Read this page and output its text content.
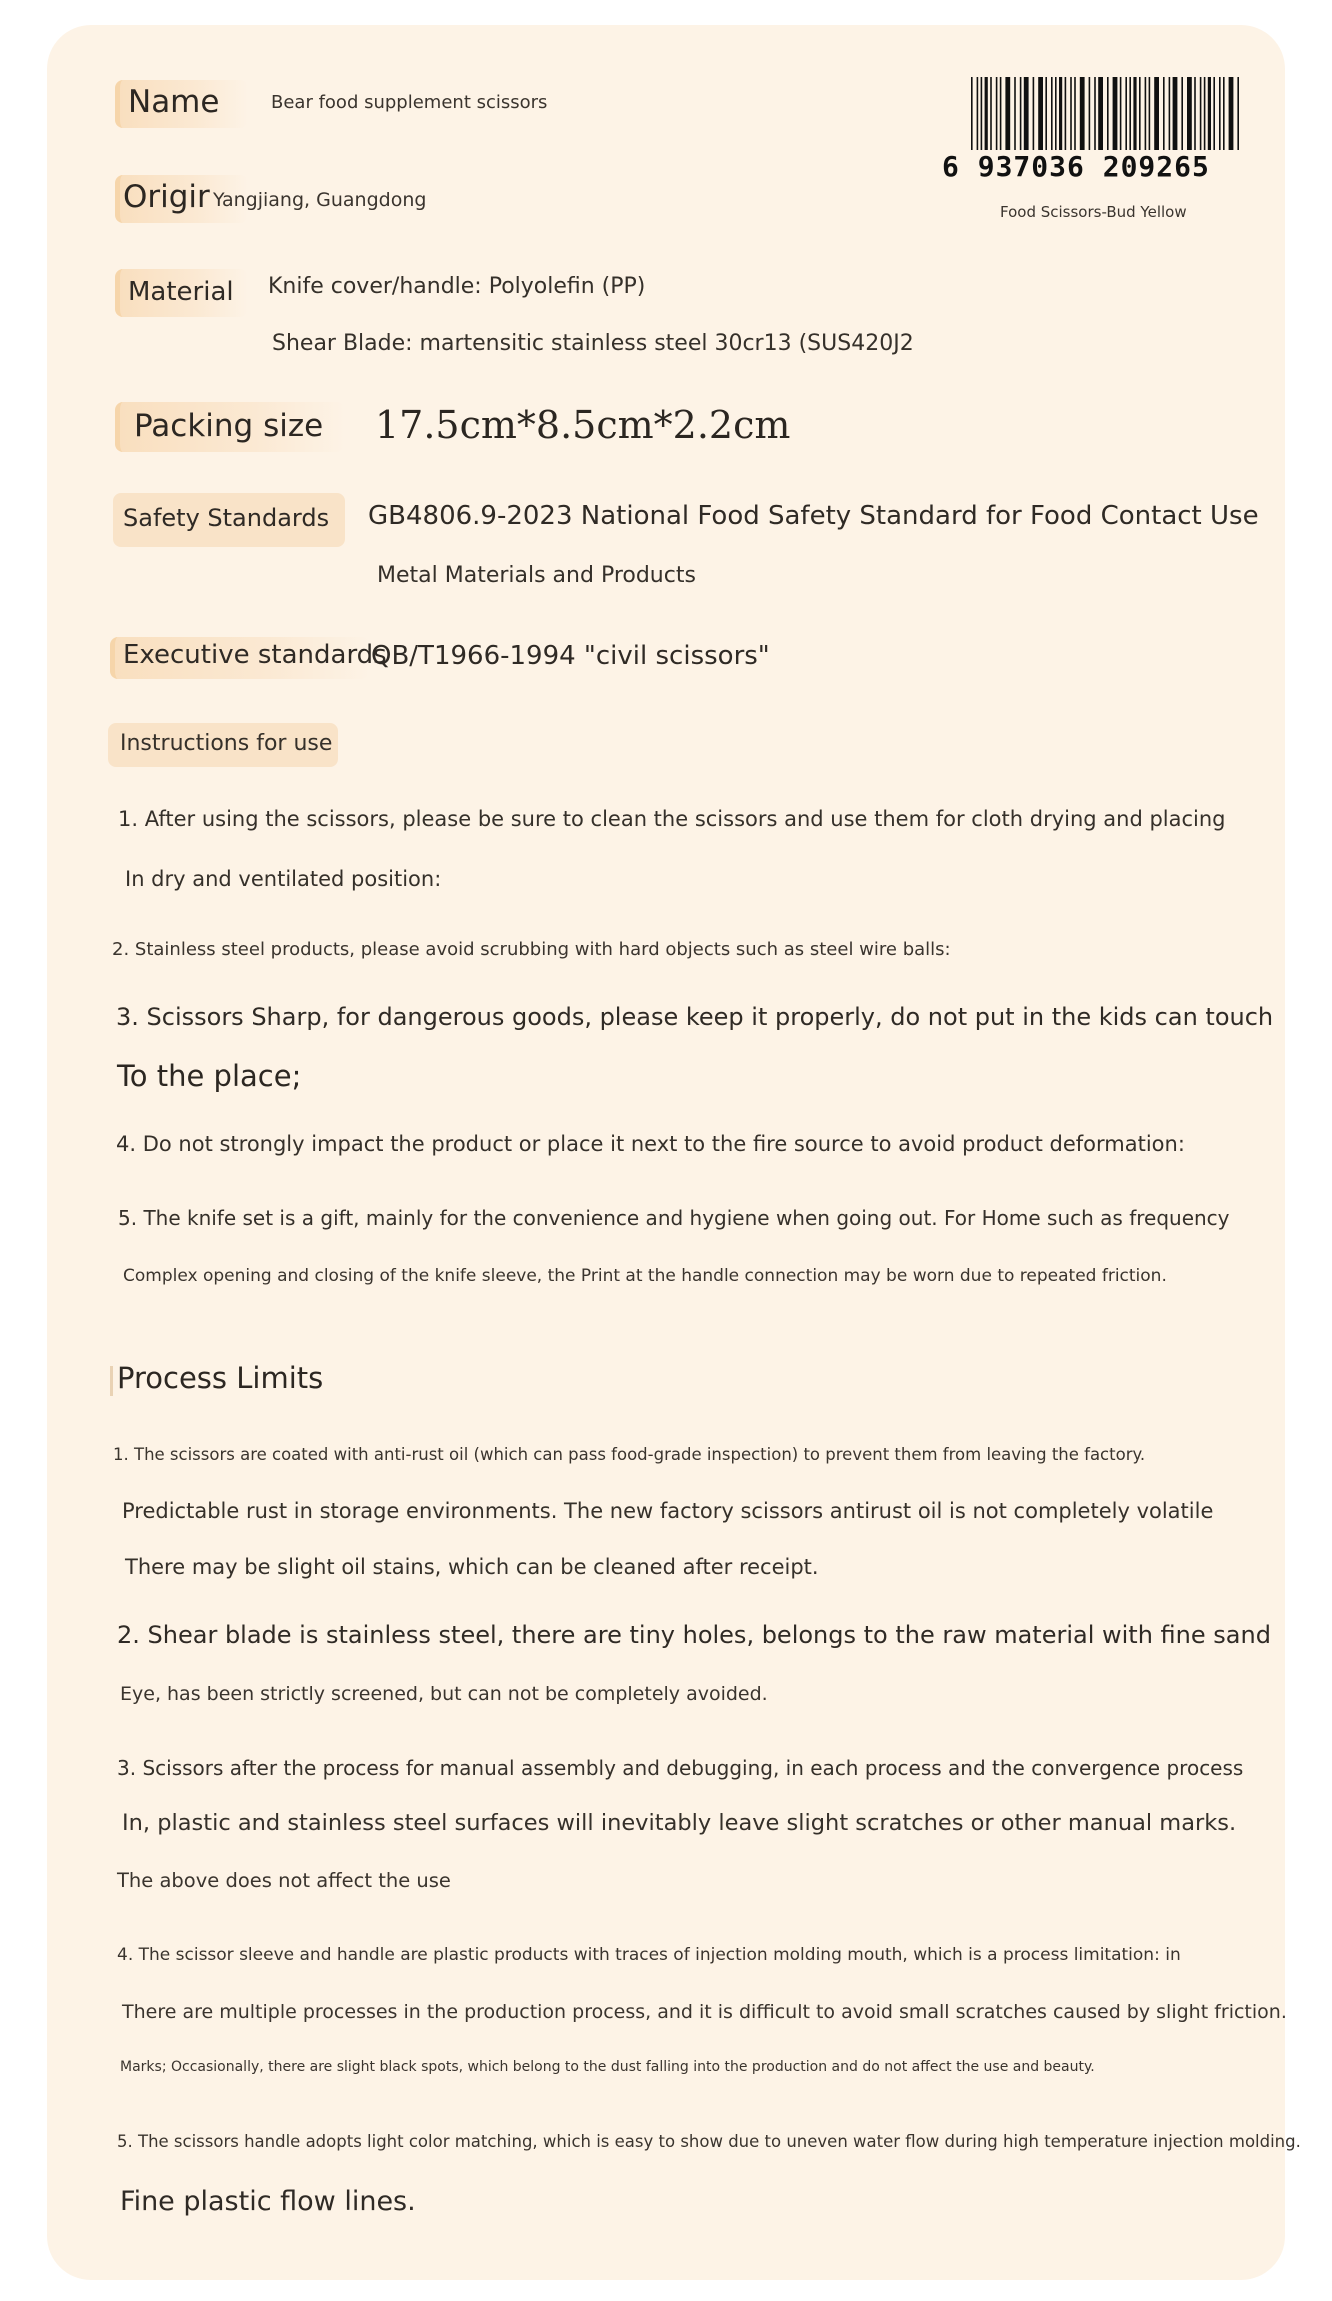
6 937036 209265
Food Scissors-Bud Yellow
Name	Bear food supplement scissors
Origir Yangjiang, Guangdong
Material Knife cover/handle: Polyolefin (PP)
Shear Blade: martensitic stainless steel 30cr13 (SUS420J2
Packing size 17.5cm*8.5cm*2.2cm
Safety Standards GB4806.9-2023 National Food Safety Standard for Food Contact Use
Metal Materials and Products
Executive standards
QB/T1966-1994 "civil scissors"
Instructions for use
1. After using the scissors, please be sure to clean the scissors and use them for cloth drying and placing
In dry and ventilated position:
2. Stainless steel products, please avoid scrubbing with hard objects such as steel wire balls:
3. Scissors Sharp, for dangerous goods, please keep it properly, do not put in the kids can touch
To the place;
4. Do not strongly impact the product or place it next to the fire source to avoid product deformation:
5. The knife set is a gift, mainly for the convenience and hygiene when going out. For Home such as frequency
Complex opening and closing of the knife sleeve, the Print at the handle connection may be worn due to repeated friction.
Process Limits
1. The scissors are coated with anti-rust oil (which can pass food-grade inspection) to prevent them from leaving the factory.
Predictable rust in storage environments. The new factory scissors antirust oil is not completely volatile
There may be slight oil stains, which can be cleaned after receipt.
2. Shear blade is stainless steel, there are tiny holes, belongs to the raw material with fine sand
Eye, has been strictly screened, but can not be completely avoided.
3. Scissors after the process for manual assembly and debugging, in each process and the convergence process
In, plastic and stainless steel surfaces will inevitably leave slight scratches or other manual marks.
The above does not affect the use
4. The scissor sleeve and handle are plastic products with traces of injection molding mouth, which is a process limitation: in
There are multiple processes in the production process, and it is difficult to avoid small scratches caused by slight friction.
Marks; Occasionally, there are slight black spots, which belong to the dust falling into the production and do not affect the use and beauty.
5. The scissors handle adopts light color matching, which is easy to show due to uneven water flow during high temperature injection molding.
Fine plastic flow lines.
